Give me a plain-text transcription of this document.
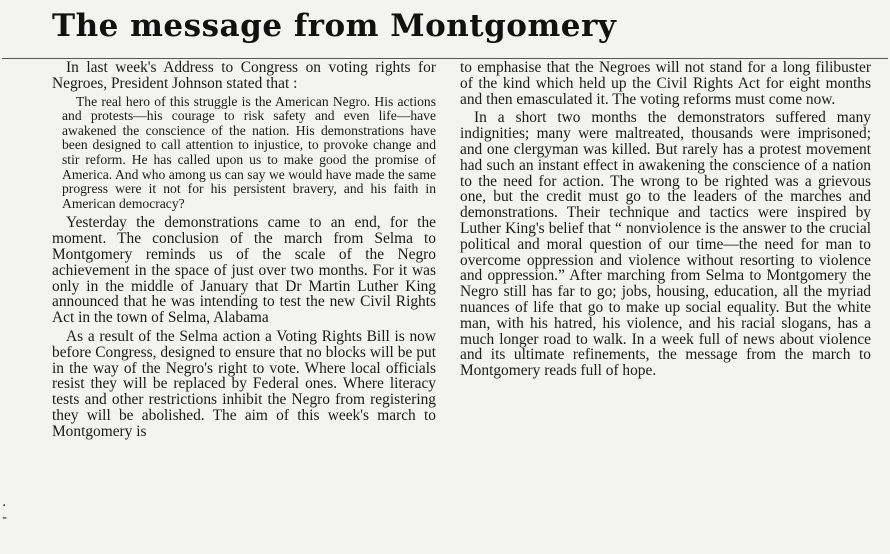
The message from Montgomery

In last week's Address to Congress on voting rights for Negroes, President Johnson stated that :

The real hero of this struggle is the American Negro. His actions and protests—his courage to risk safety and even life—have awakened the conscience of the nation. His demonstrations have been designed to call attention to injustice, to provoke change and stir reform. He has called upon us to make good the promise of America. And who among us can say we would have made the same progress were it not for his persistent bravery, and his faith in American democracy?

Yesterday the demonstrations came to an end, for the moment. The conclusion of the march from Selma to Montgomery reminds us of the scale of the Negro achievement in the space of just over two months. For it was only in the middle of January that Dr Martin Luther King announced that he was intending to test the new Civil Rights Act in the town of Selma, Alabama

As a result of the Selma action a Voting Rights Bill is now before Congress, designed to ensure that no blocks will be put in the way of the Negro's right to vote. Where local officials resist they will be replaced by Federal ones. Where literacy tests and other restrictions inhibit the Negro from registering they will be abolished. The aim of this week's march to Montgomery is

to emphasise that the Negroes will not stand for a long filibuster of the kind which held up the Civil Rights Act for eight months and then emasculated it. The voting reforms must come now.

In a short two months the demonstrators suffered many indignities; many were maltreated, thousands were imprisoned; and one clergyman was killed. But rarely has a protest movement had such an instant effect in awakening the conscience of a nation to the need for action. The wrong to be righted was a grievous one, but the credit must go to the leaders of the marches and demonstrations. Their technique and tactics were inspired by Luther King's belief that “ nonviolence is the answer to the crucial political and moral question of our time—the need for man to overcome oppression and violence without resorting to violence and oppression.” After marching from Selma to Montgomery the Negro still has far to go; jobs, housing, education, all the myriad nuances of life that go to make up social equality. But the white man, with his hatred, his violence, and his racial slogans, has a much longer road to walk. In a week full of news about violence and its ultimate refinements, the message from the march to Montgomery reads full of hope.

.
-
